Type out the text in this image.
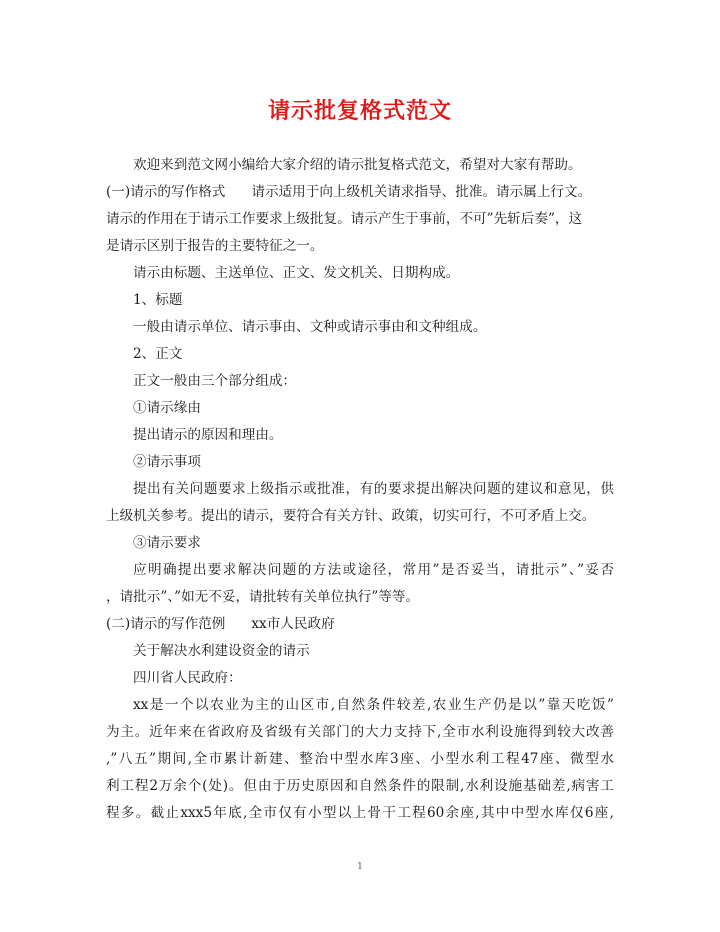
请示批复格式范文

欢迎来到范文网小编给大家介绍的请示批复格式范文，希望对大家有帮助。

(一)请示的写作格式 请示适用于向上级机关请求指导、批准。请示属上行文。

请示的作用在于请示工作要求上级批复。请示产生于事前，不可”先斩后奏”，这

是请示区别于报告的主要特征之一。

请示由标题、主送单位、正文、发文机关、日期构成。

1、标题

一般由请示单位、请示事由、文种或请示事由和文种组成。

2、正文

正文一般由三个部分组成：

①请示缘由

提出请示的原因和理由。

②请示事项

提出有关问题要求上级指示或批准，有的要求提出解决问题的建议和意见，供

上级机关参考。提出的请示，要符合有关方针、政策，切实可行，不可矛盾上交。

③请示要求

应明确提出要求解决问题的方法或途径，常用”是否妥当，请批示”、”妥否

，请批示”、”如无不妥，请批转有关单位执行”等等。

(二)请示的写作范例 xx市人民政府

关于解决水利建设资金的请示

四川省人民政府：

xx是一个以农业为主的山区市,自然条件较差,农业生产仍是以”靠天吃饭”

为主。近年来在省政府及省级有关部门的大力支持下,全市水利设施得到较大改善

,”八五”期间,全市累计新建、整治中型水库3座、小型水利工程47座、微型水

利工程2万余个(处)。但由于历史原因和自然条件的限制,水利设施基础差,病害工

程多。截止xxx5年底,全市仅有小型以上骨干工程60余座,其中中型水库仅6座,

1
